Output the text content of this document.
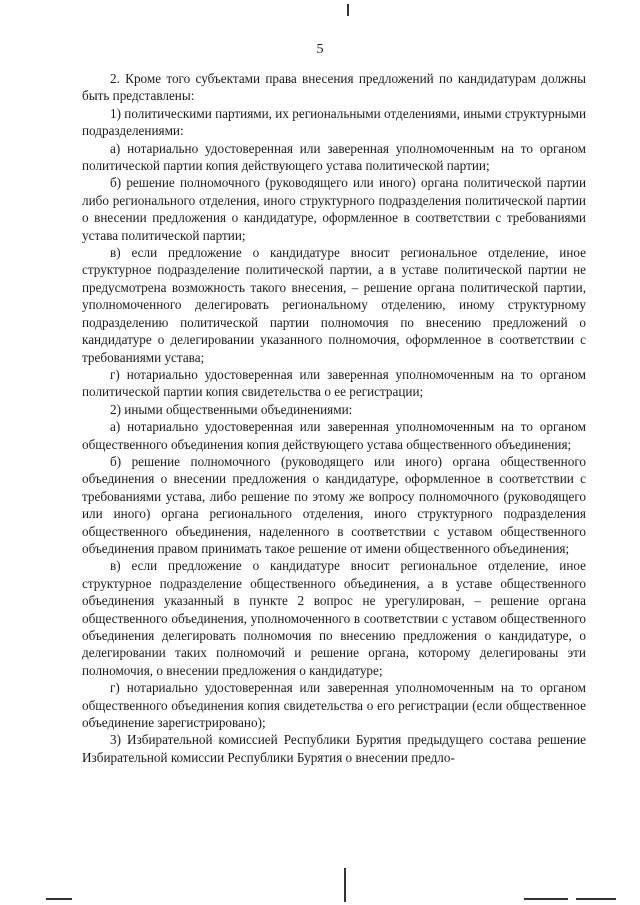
5

2. Кроме того субъектами права внесения предложений по кандидатурам должны быть представлены:

1) политическими партиями, их региональными отделениями, иными структурными подразделениями:

а) нотариально удостоверенная или заверенная уполномоченным на то органом политической партии копия действующего устава политической партии;

б) решение полномочного (руководящего или иного) органа политической партии либо регионального отделения, иного структурного подразделения политической партии о внесении предложения о кандидатуре, оформленное в соответствии с требованиями устава политической партии;

в) если предложение о кандидатуре вносит региональное отделение, иное структурное подразделение политической партии, а в уставе политической партии не предусмотрена возможность такого внесения, – решение органа политической партии, уполномоченного делегировать региональному отделению, иному структурному подразделению политической партии полномочия по внесению предложений о кандидатуре о делегировании указанного полномочия, оформленное в соответствии с требованиями устава;

г) нотариально удостоверенная или заверенная уполномоченным на то органом политической партии копия свидетельства о ее регистрации;

2) иными общественными объединениями:

а) нотариально удостоверенная или заверенная уполномоченным на то органом общественного объединения копия действующего устава общественного объединения;

б) решение полномочного (руководящего или иного) органа общественного объединения о внесении предложения о кандидатуре, оформленное в соответствии с требованиями устава, либо решение по этому же вопросу полномочного (руководящего или иного) органа регионального отделения, иного структурного подразделения общественного объединения, наделенного в соответствии с уставом общественного объединения правом принимать такое решение от имени общественного объединения;

в) если предложение о кандидатуре вносит региональное отделение, иное структурное подразделение общественного объединения, а в уставе общественного объединения указанный в пункте 2 вопрос не урегулирован, – решение органа общественного объединения, уполномоченного в соответствии с уставом общественного объединения делегировать полномочия по внесению предложения о кандидатуре, о делегировании таких полномочий и решение органа, которому делегированы эти полномочия, о внесении предложения о кандидатуре;

г) нотариально удостоверенная или заверенная уполномоченным на то органом общественного объединения копия свидетельства о его регистрации (если общественное объединение зарегистрировано);

3) Избирательной комиссией Республики Бурятия предыдущего состава решение Избирательной комиссии Республики Бурятия о внесении предло-
